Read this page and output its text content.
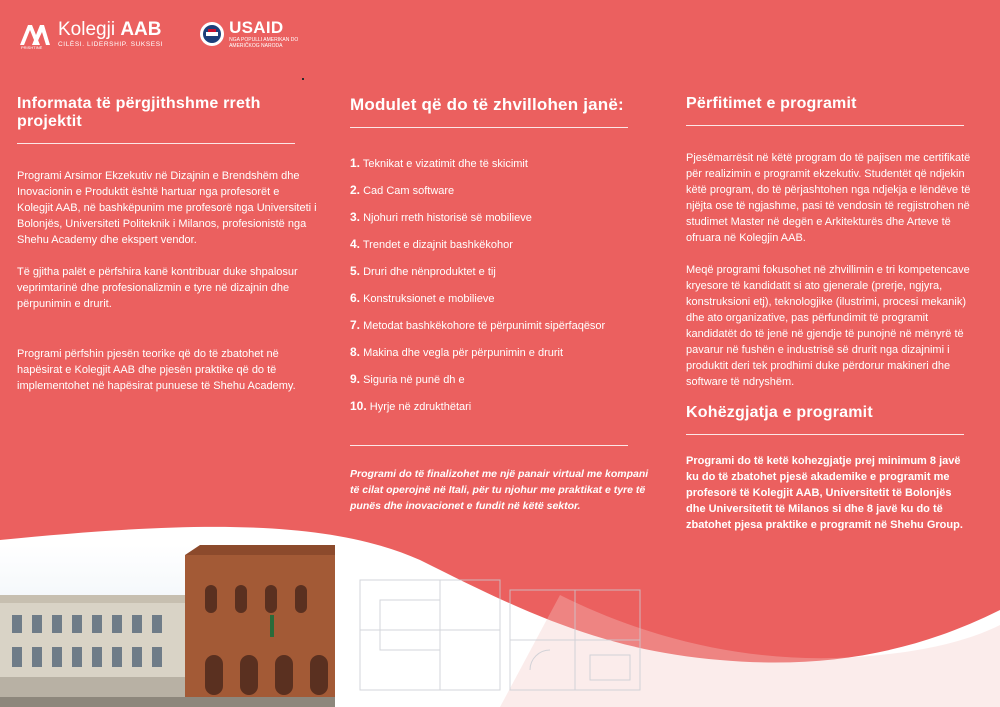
PRISHTINË
Kolegji AAB
CILËSI. LIDERSHIP. SUKSESI
USAID
NGA POPULLI AMERIKAN DO AMERIČKOG NARODA
Informata të përgjithshme rreth projektit

Programi Arsimor Ekzekutiv në Dizajnin e Brendshëm dhe Inovacionin e Produktit është hartuar nga profesorët e Kolegjit AAB, në bashkëpunim me profesorë nga Universiteti i Bolonjës, Universiteti Politeknik i Milanos, profesionistë nga Shehu Academy dhe ekspert vendor.

Të gjitha palët e përfshira kanë kontribuar duke shpalosur veprimtarinë dhe profesionalizmin e tyre në dizajnin dhe përpunimin e drurit.

Programi përfshin pjesën teorike që do të zbatohet në hapësirat e Kolegjit AAB dhe pjesën praktike që do të implementohet në hapësirat punuese të Shehu Academy.

Modulet që do të zhvillohen janë:
1. Teknikat e vizatimit dhe të skicimit
2. Cad Cam software
3. Njohuri rreth historisë së mobilieve
4. Trendet e dizajnit bashkëkohor
5. Druri dhe nënproduktet e tij
6. Konstruksionet e mobilieve
7. Metodat bashkëkohore të përpunimit sipërfaqësor
8. Makina dhe vegla për përpunimin e drurit
9. Siguria në punë dh e
10. Hyrje në zdrukthëtari
Programi do të finalizohet me një panair virtual me kompani të cilat operojnë në Itali, për tu njohur me praktikat e tyre të punës dhe inovacionet e fundit në këtë sektor.
Përfitimet e programit

Pjesëmarrësit në këtë program do të pajisen me certifikatë për realizimin e programit ekzekutiv. Studentët që ndjekin këtë program, do të përjashtohen nga ndjekja e lëndëve të njëjta ose të ngjashme, pasi të vendosin të regjistrohen në studimet Master në degën e Arkitekturës dhe Arteve të ofruara në Kolegjin AAB.

Meqë programi fokusohet në zhvillimin e tri kompetencave kryesore të kandidatit si ato gjenerale (prerje, ngjyra, konstruksioni etj), teknologjike (ilustrimi, procesi mekanik) dhe ato organizative, pas përfundimit të programit kandidatët do të jenë në gjendje të punojnë në mënyrë të pavarur në fushën e industrisë së drurit nga dizajnimi i produktit deri tek prodhimi duke përdorur makineri dhe software të ndryshëm.

Kohëzgjatja e programit

Programi do të ketë kohezgjatje prej minimum 8 javë ku do të zbatohet pjesë akademike e programit me profesorë të Kolegjit AAB, Universitetit të Bolonjës dhe Universitetit të Milanos si dhe 8 javë ku do të zbatohet pjesa praktike e programit në Shehu Group.
